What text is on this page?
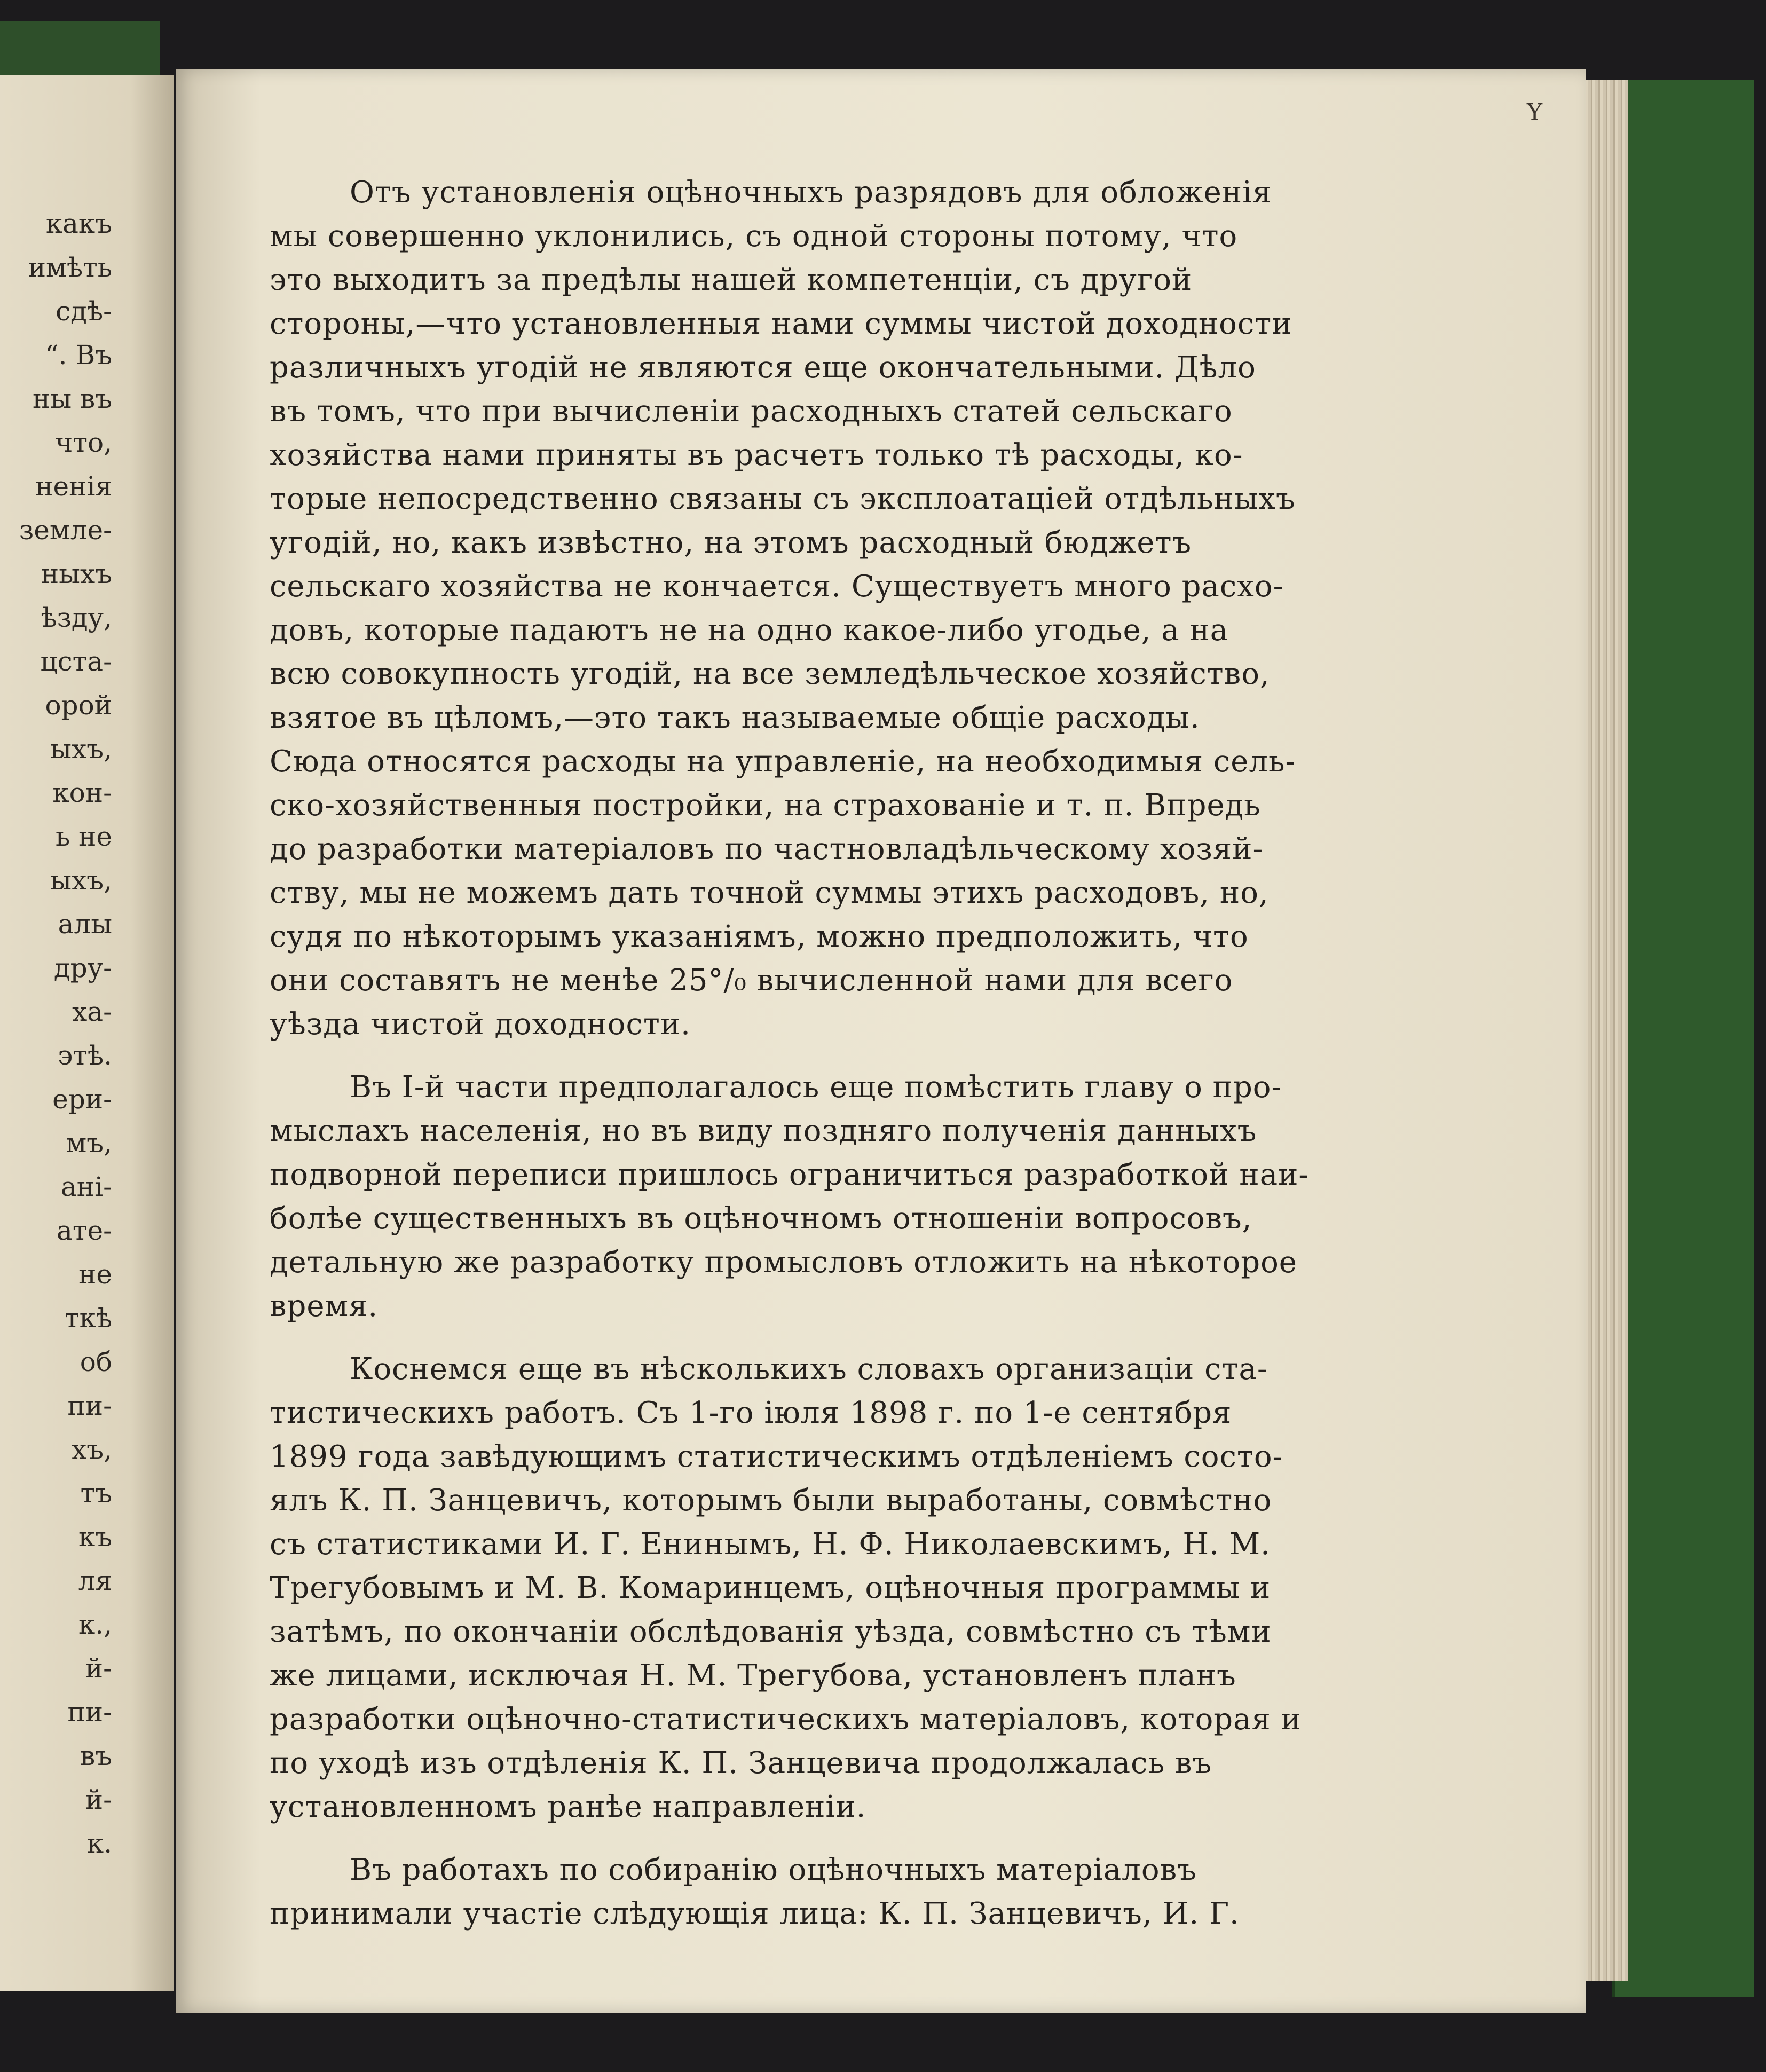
какъ
имѣть
сдѣ-
“. Въ
ны въ
что,
ненія
земле-
ныхъ
ѣзду,
цста-
орой
ыхъ,
кон-
ь не
ыхъ,
алы
дру-
ха-
этѣ.
ери-
мъ,
анi-
ате-
не
ткѣ
об
пи-
хъ,
тъ
къ
ля
к.,
й-
пи-
въ
й-
к.
Y
Отъ установленія оцѣночныхъ разрядовъ для обложенія
мы совершенно уклонились, съ одной стороны потому, что
это выходитъ за предѣлы нашей компетенціи, съ другой
стороны,—что установленныя нами суммы чистой доходности
различныхъ угодій не являются еще окончательными. Дѣло
въ томъ, что при вычисленіи расходныхъ статей сельскаго
хозяйства нами приняты въ расчетъ только тѣ расходы, ко-
торые непосредственно связаны съ эксплоатаціей отдѣльныхъ
угодій, но, какъ извѣстно, на этомъ расходный бюджетъ
сельскаго хозяйства не кончается. Существуетъ много расхо-
довъ, которые падаютъ не на одно какое-либо угодье, а на
всю совокупность угодій, на все земледѣльческое хозяйство,
взятое въ цѣломъ,—это такъ называемые общіе расходы.
Сюда относятся расходы на управленіе, на необходимыя сель-
ско-хозяйственныя постройки, на страхованіе и т. п. Впредь
до разработки матеріаловъ по частновладѣльческому хозяй-
ству, мы не можемъ дать точной суммы этихъ расходовъ, но,
судя по нѣкоторымъ указаніямъ, можно предположить, что
они составятъ не менѣе 25°/₀ вычисленной нами для всего
уѣзда чистой доходности.
Въ І-й части предполагалось еще помѣстить главу о про-
мыслахъ населенія, но въ виду поздняго полученія данныхъ
подворной переписи пришлось ограничиться разработкой наи-
болѣе существенныхъ въ оцѣночномъ отношеніи вопросовъ,
детальную же разработку промысловъ отложить на нѣкоторое
время.
Коснемся еще въ нѣсколькихъ словахъ организаціи ста-
тистическихъ работъ. Съ 1-го іюля 1898 г. по 1-е сентября
1899 года завѣдующимъ статистическимъ отдѣленіемъ состо-
ялъ К. П. Занцевичъ, которымъ были выработаны, совмѣстно
съ статистиками И. Г. Енинымъ, Н. Ф. Николаевскимъ, Н. М.
Трегубовымъ и М. В. Комаринцемъ, оцѣночныя программы и
затѣмъ, по окончаніи обслѣдованія уѣзда, совмѣстно съ тѣми
же лицами, исключая Н. М. Трегубова, установленъ планъ
разработки оцѣночно-статистическихъ матеріаловъ, которая и
по уходѣ изъ отдѣленія К. П. Занцевича продолжалась въ
установленномъ ранѣе направленіи.
Въ работахъ по собиранію оцѣночныхъ матеріаловъ
принимали участіе слѣдующія лица: К. П. Занцевичъ, И. Г.
